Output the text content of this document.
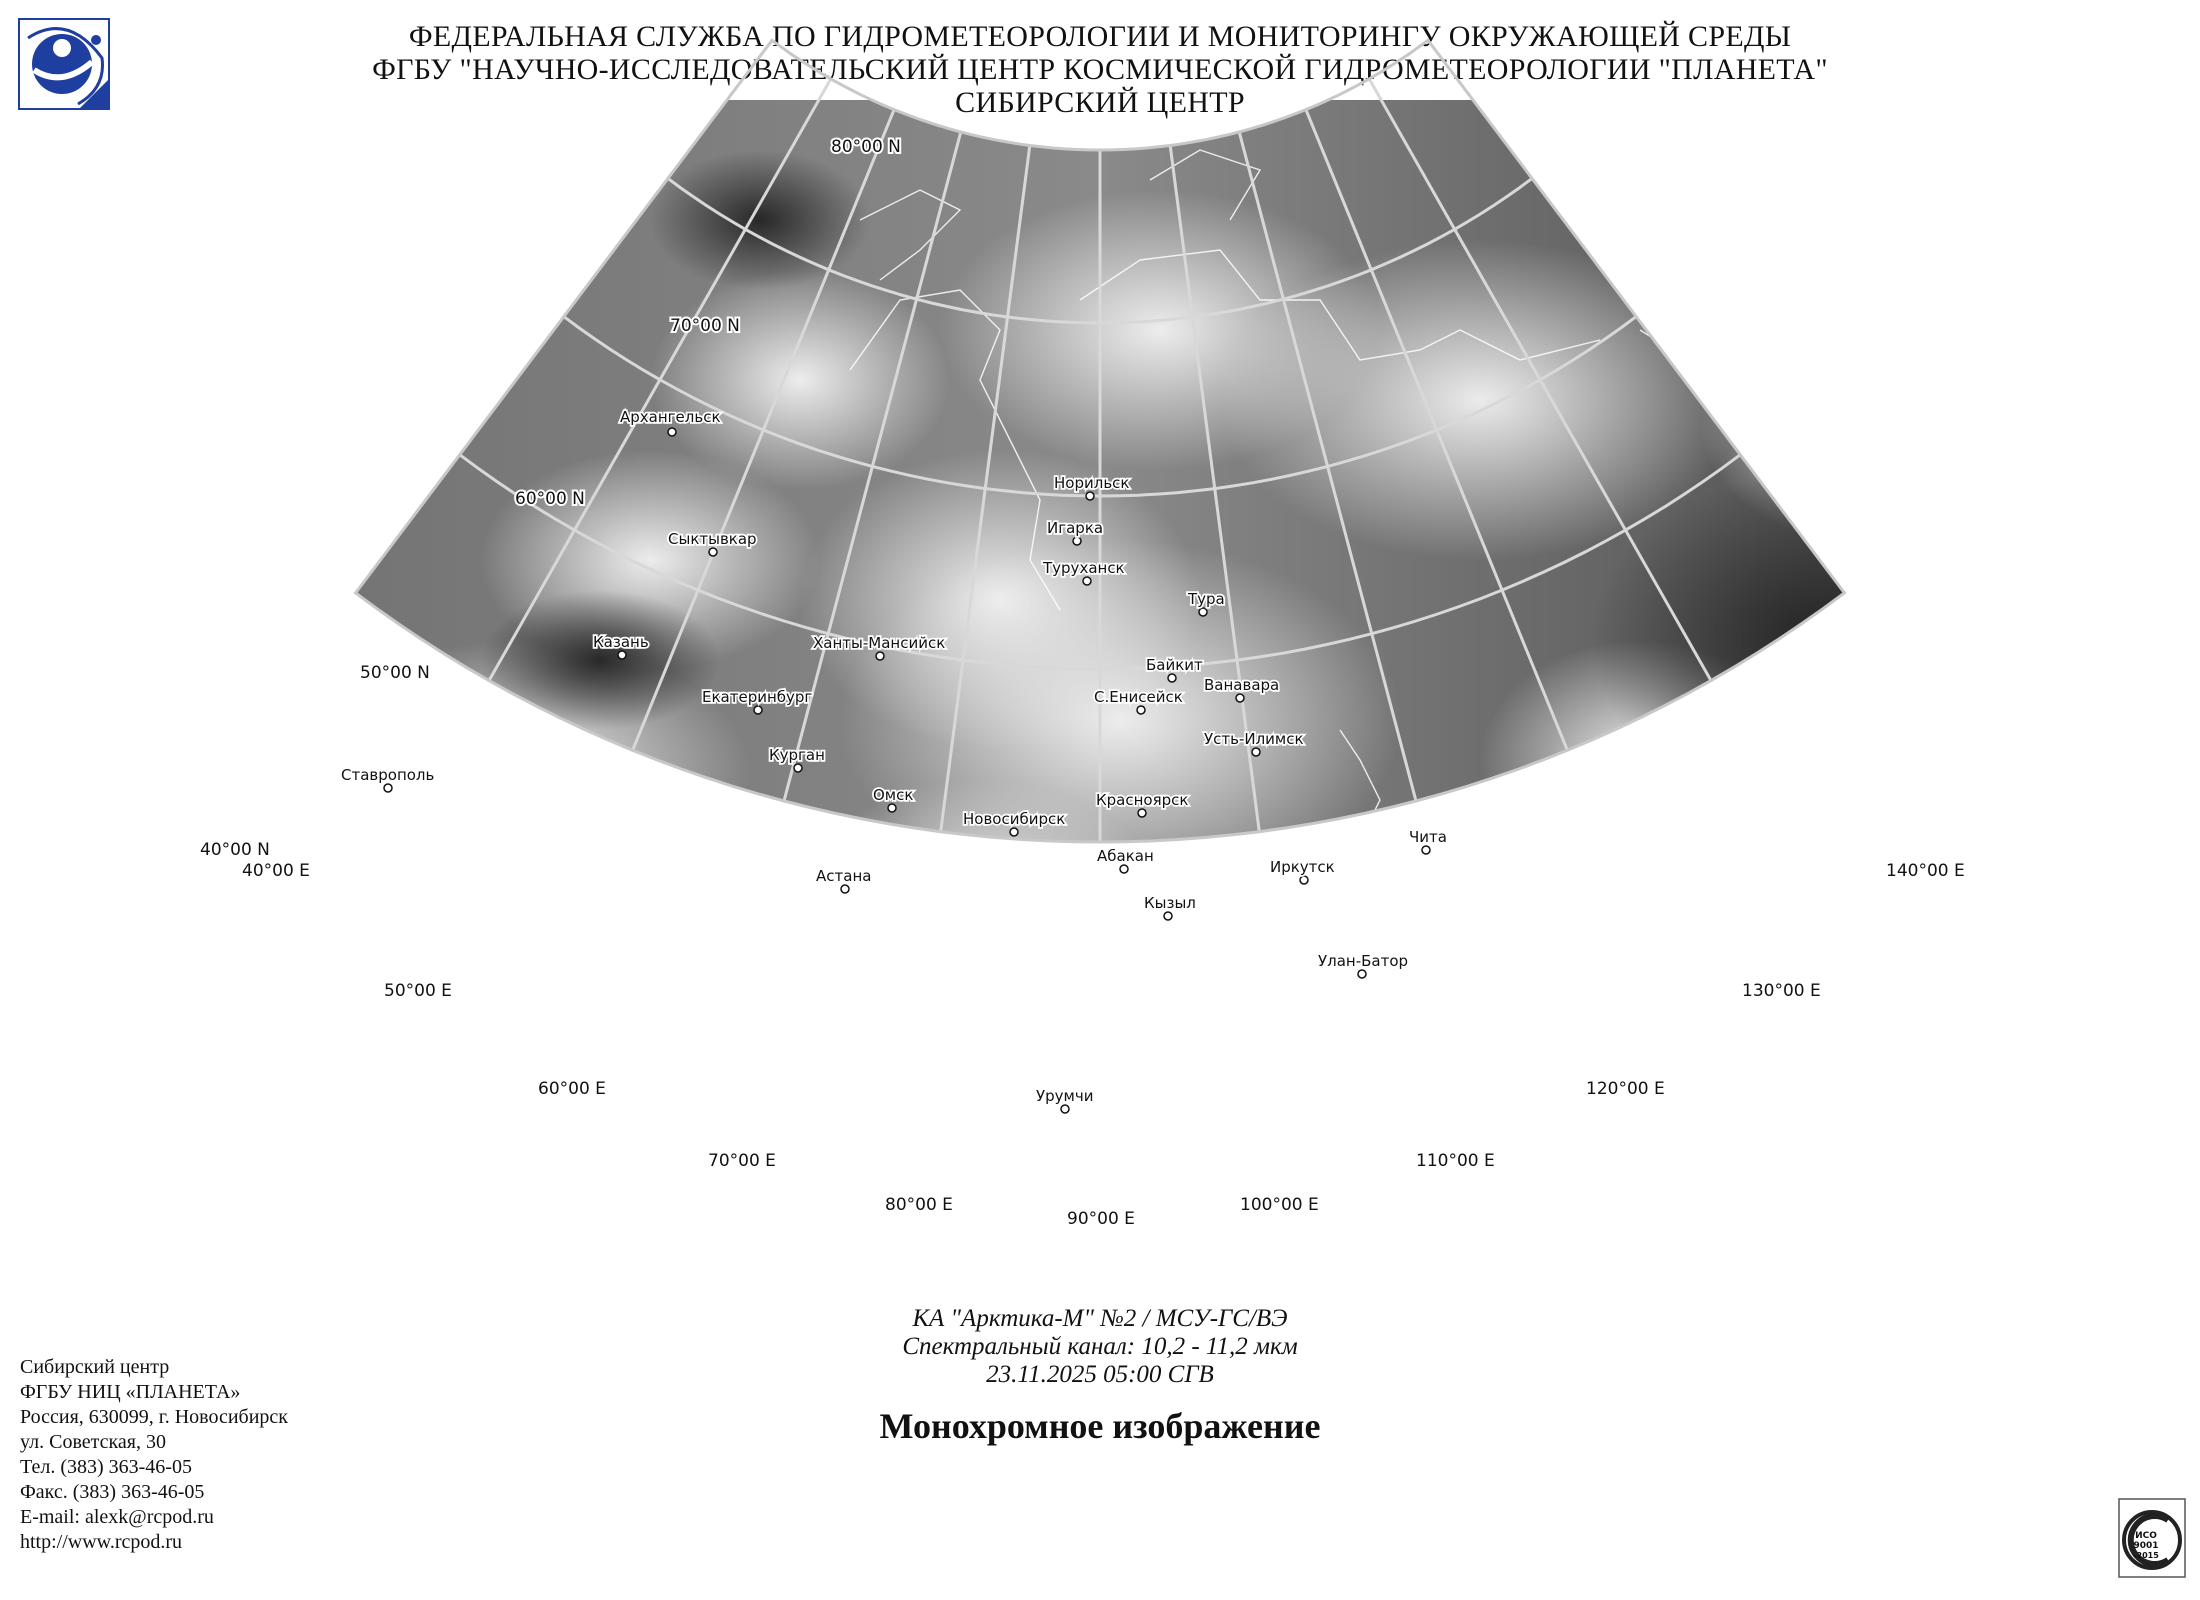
ФЕДЕРАЛЬНАЯ СЛУЖБА ПО ГИДРОМЕТЕОРОЛОГИИ И МОНИТОРИНГУ ОКРУЖАЮЩЕЙ СРЕДЫ
ФГБУ "НАУЧНО-ИССЛЕДОВАТЕЛЬСКИЙ ЦЕНТР КОСМИЧЕСКОЙ ГИДРОМЕТЕОРОЛОГИИ "ПЛАНЕТА"
СИБИРСКИЙ ЦЕНТР
80°00 N
70°00 N
60°00 N
50°00 N
40°00 N
40°00 E
50°00 E
60°00 E
70°00 E
80°00 E
90°00 E
100°00 E
110°00 E
120°00 E
130°00 E
140°00 E
Архангельск
Сыктывкар
Казань
Ставрополь
Екатеринбург
Курган
Ханты-Мансийск
Омск
Астана
Новосибирск
Норильск
Игарка
Туруханск
Тура
Байкит
Ванавара
С.Енисейск
Усть-Илимск
Красноярск
Абакан
Кызыл
Иркутск
Чита
Улан-Батор
Урумчи
КА "Арктика-М" №2 / МСУ-ГС/ВЭ
Спектральный канал: 10,2 - 11,2 мкм
23.11.2025 05:00 СГВ
Монохромное изображение
Сибирский центр
ФГБУ НИЦ «ПЛАНЕТА»
Россия, 630099, г. Новосибирск
ул. Советская, 30
Тел. (383) 363-46-05
Факс. (383) 363-46-05
E-mail: alexk@rcpod.ru
http://www.rcpod.ru	ИСО
9001
-2015
